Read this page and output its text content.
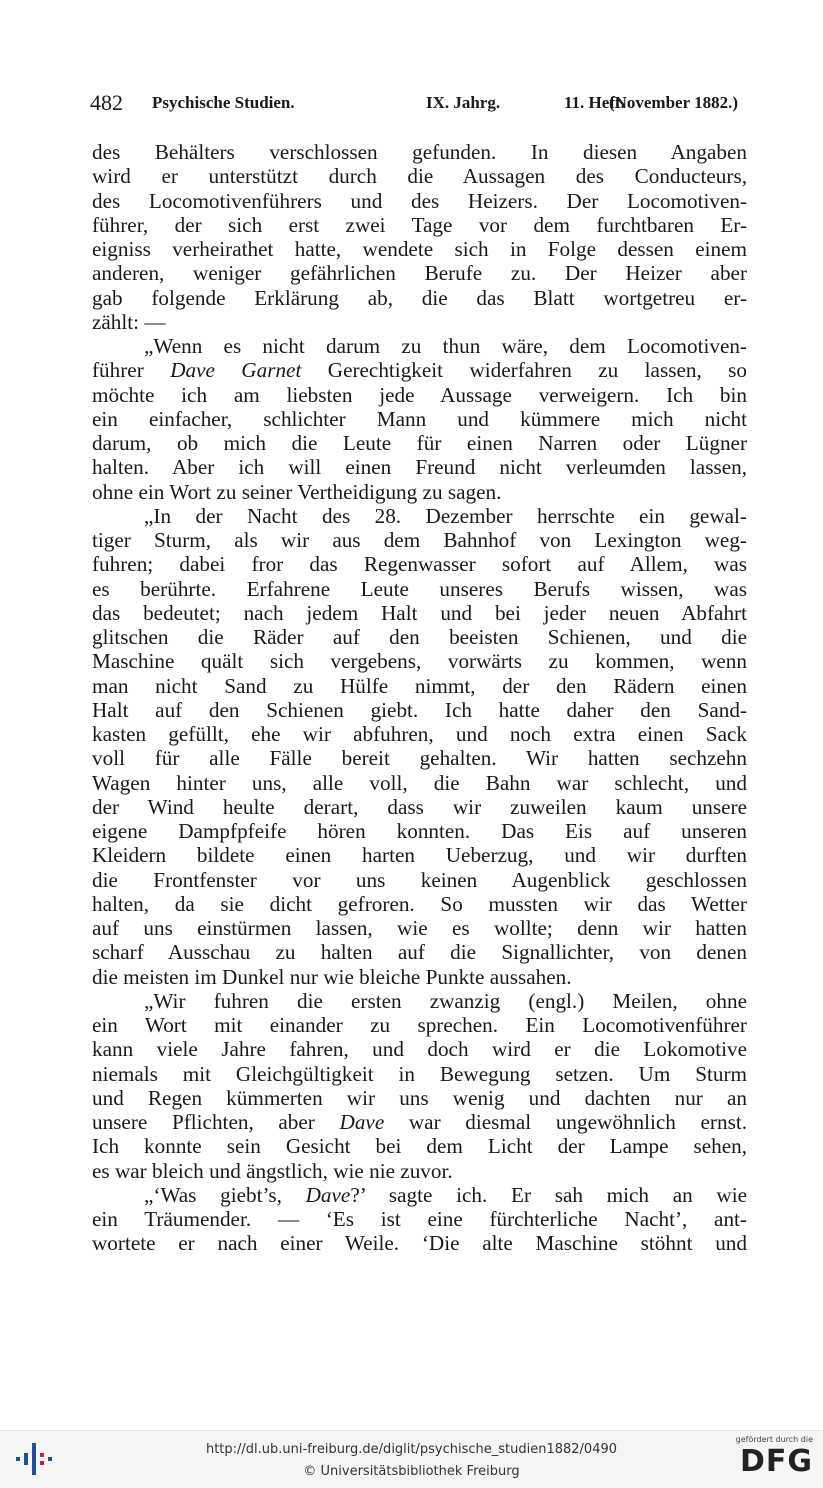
482 Psychische Studien.	IX. Jahrg.	11. Heft.
(November 1882.)
des Behälters verschlossen gefunden. In diesen Angaben
wird er unterstützt durch die Aussagen des Conducteurs,
des Locomotivenführers und des Heizers. Der Locomotiven-
führer, der sich erst zwei Tage vor dem furchtbaren Er-
eigniss verheirathet hatte, wendete sich in Folge dessen einem
anderen, weniger gefährlichen Berufe zu. Der Heizer aber
gab folgende Erklärung ab, die das Blatt wortgetreu er-
zählt: —
„Wenn es nicht darum zu thun wäre, dem Locomotiven-
führer Dave Garnet Gerechtigkeit widerfahren zu lassen, so
möchte ich am liebsten jede Aussage verweigern. Ich bin
ein einfacher, schlichter Mann und kümmere mich nicht
darum, ob mich die Leute für einen Narren oder Lügner
halten. Aber ich will einen Freund nicht verleumden lassen,
ohne ein Wort zu seiner Vertheidigung zu sagen.
„In der Nacht des 28. Dezember herrschte ein gewal-
tiger Sturm, als wir aus dem Bahnhof von Lexington weg-
fuhren; dabei fror das Regenwasser sofort auf Allem, was
es berührte. Erfahrene Leute unseres Berufs wissen, was
das bedeutet; nach jedem Halt und bei jeder neuen Abfahrt
glitschen die Räder auf den beeisten Schienen, und die
Maschine quält sich vergebens, vorwärts zu kommen, wenn
man nicht Sand zu Hülfe nimmt, der den Rädern einen
Halt auf den Schienen giebt. Ich hatte daher den Sand-
kasten gefüllt, ehe wir abfuhren, und noch extra einen Sack
voll für alle Fälle bereit gehalten. Wir hatten sechzehn
Wagen hinter uns, alle voll, die Bahn war schlecht, und
der Wind heulte derart, dass wir zuweilen kaum unsere
eigene Dampfpfeife hören konnten. Das Eis auf unseren
Kleidern bildete einen harten Ueberzug, und wir durften
die Frontfenster vor uns keinen Augenblick geschlossen
halten, da sie dicht gefroren. So mussten wir das Wetter
auf uns einstürmen lassen, wie es wollte; denn wir hatten
scharf Ausschau zu halten auf die Signallichter, von denen
die meisten im Dunkel nur wie bleiche Punkte aussahen.
„Wir fuhren die ersten zwanzig (engl.) Meilen, ohne
ein Wort mit einander zu sprechen. Ein Locomotivenführer
kann viele Jahre fahren, und doch wird er die Lokomotive
niemals mit Gleichgültigkeit in Bewegung setzen. Um Sturm
und Regen kümmerten wir uns wenig und dachten nur an
unsere Pflichten, aber Dave war diesmal ungewöhnlich ernst.
Ich konnte sein Gesicht bei dem Licht der Lampe sehen,
es war bleich und ängstlich, wie nie zuvor.
„‘Was giebt’s, Dave?’ sagte ich. Er sah mich an wie
ein Träumender. — ‘Es ist eine fürchterliche Nacht’, ant-
wortete er nach einer Weile. ‘Die alte Maschine stöhnt und
http://dl.ub.uni-freiburg.de/diglit/psychische_studien1882/0490
© Universitätsbibliothek Freiburg
gefördert durch die
DFG
